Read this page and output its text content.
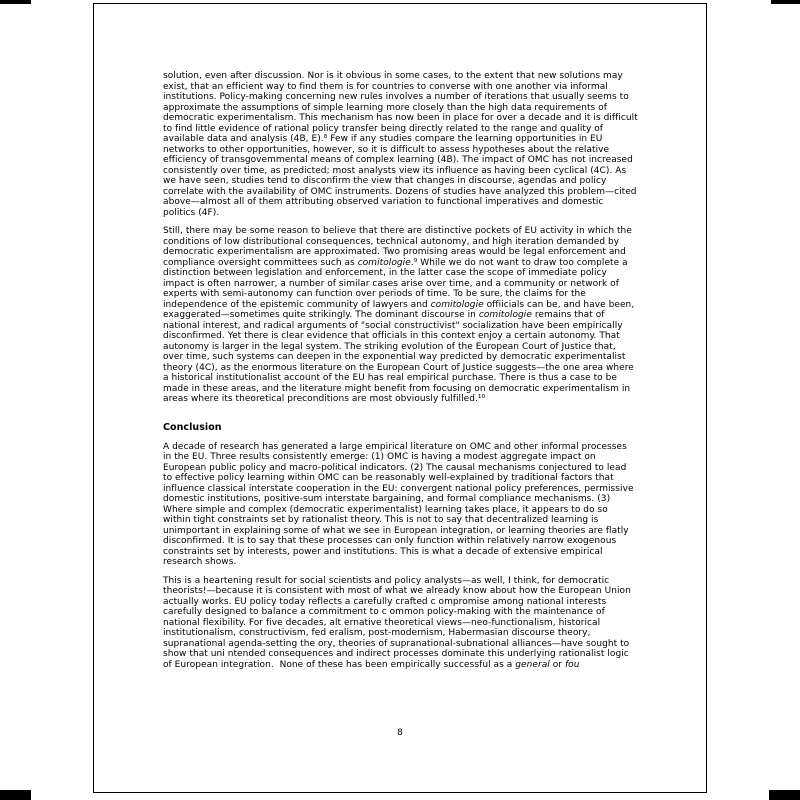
solution, even after discussion. Nor is it obvious in some cases, to the extent that new solutions may exist, that an efficient way to find them is for countries to converse with one another via informal institutions. Policy-making concerning new rules involves a number of iterations that usually seems to approximate the assumptions of simple learning more closely than the high data requirements of democratic experimentalism. This mechanism has now been in place for over a decade and it is difficult to find little evidence of rational policy transfer being directly related to the range and quality of available data and analysis (4B, E).⁸ Few if any studies compare the learning opportunities in EU networks to other opportunities, however, so it is difficult to assess hypotheses about the relative efficiency of transgovemmental means of complex learning (4B). The impact of OMC has not increased consistently over time, as predicted; most analysts view its influence as having been cyclical (4C). As we have seen, studies tend to disconfirm the view that changes in discourse, agendas and policy correlate with the availability of OMC instruments. Dozens of studies have analyzed this problem—cited above—almost all of them attributing observed variation to functional imperatives and domestic politics (4F).

Still, there may be some reason to believe that there are distinctive pockets of EU activity in which the conditions of low distributional consequences, technical autonomy, and high iteration demanded by democratic experimentalism are approximated. Two promising areas would be legal enforcement and compliance oversight committees such as comitologie.⁹ While we do not want to draw too complete a distinction between legislation and enforcement, in the latter case the scope of immediate policy impact is often narrower, a number of similar cases arise over time, and a community or network of experts with semi-autonomy can function over periods of time. To be sure, the claims for the independence of the epistemic community of lawyers and comitologie offiicials can be, and have been, exaggerated—sometimes quite strikingly. The dominant discourse in comitologie remains that of national interest, and radical arguments of "social constructivist" socialization have been empirically disconfirmed. Yet there is clear evidence that officials in this context enjoy a certain autonomy. That autonomy is larger in the legal system. The striking evolution of the European Court of Justice that, over time, such systems can deepen in the exponential way predicted by democratic experimentalist theory (4C), as the enormous literature on the European Court of Justice suggests—the one area where a historical institutionalist account of the EU has real empirical purchase. There is thus a case to be made in these areas, and the literature might benefit from focusing on democratic experimentalism in areas where its theoretical preconditions are most obviously fulfilled.¹⁰

Conclusion

A decade of research has generated a large empirical literature on OMC and other informal processes in the EU. Three results consistently emerge: (1) OMC is having a modest aggregate impact on European public policy and macro-political indicators. (2) The causal mechanisms conjectured to lead to effective policy learning within OMC can be reasonably well-explained by traditional factors that influence classical interstate cooperation in the EU: convergent national policy preferences, permissive domestic institutions, positive-sum interstate bargaining, and formal compliance mechanisms. (3) Where simple and complex (democratic experimentalist) learning takes place, it appears to do so within tight constraints set by rationalist theory. This is not to say that decentralized learning is unimportant in explaining some of what we see in European integration, or learning theories are flatly disconfirmed. It is to say that these processes can only function within relatively narrow exogenous constraints set by interests, power and institutions. This is what a decade of extensive empirical research shows.

This is a heartening result for social scientists and policy analysts—as well, I think, for democratic theorists!—because it is consistent with most of what we already know about how the European Union actually works. EU policy today reflects a carefully crafted c ompromise among national interests carefully designed to balance a commitment to c ommon policy-making with the maintenance of national flexibility. For five decades, alt ernative theoretical views—neo-functionalism, historical institutionalism, constructivism, fed eralism, post-modernism, Habermasian discourse theory, supranational agenda-setting the ory, theories of supranational-subnational alliances—have sought to show that uni ntended consequences and indirect processes dominate this underlying rationalist logic of European integration.  None of these has been empirically successful as a general or fou

8
